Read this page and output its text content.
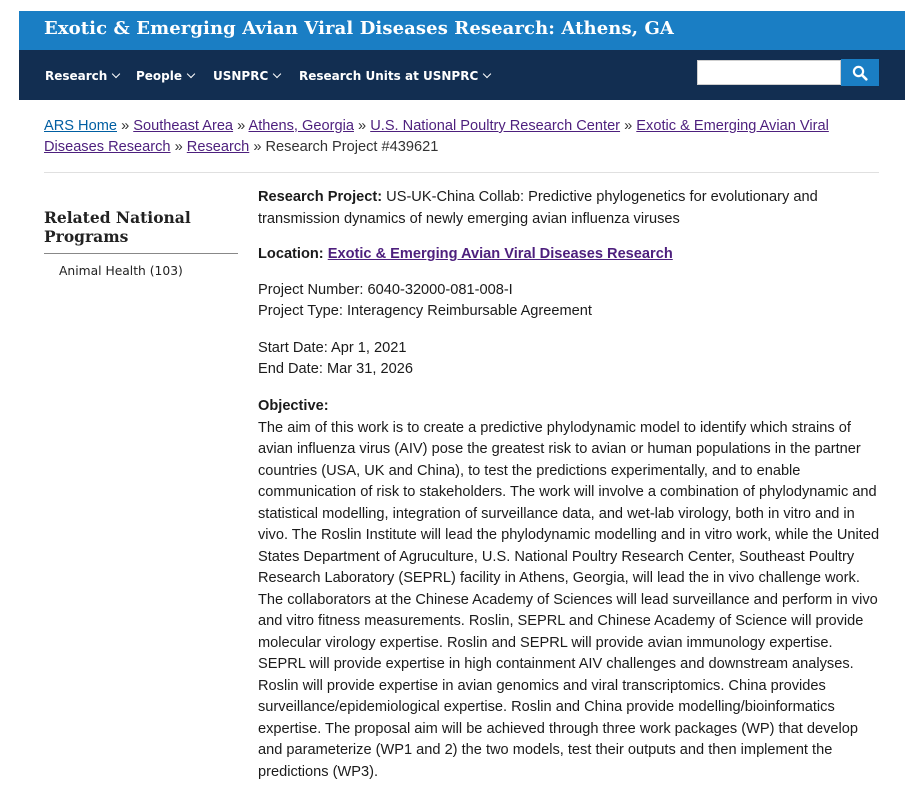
Exotic & Emerging Avian Viral Diseases Research: Athens, GA
Research	People	USNPRC	Research Units at USNPRC
ARS Home » Southeast Area » Athens, Georgia » U.S. National Poultry Research Center » Exotic & Emerging Avian Viral Diseases Research » Research » Research Project #439621
Related National Programs
Animal Health (103)
Research Project: US-UK-China Collab: Predictive phylogenetics for evolutionary and transmission dynamics of newly emerging avian influenza viruses
Location: Exotic & Emerging Avian Viral Diseases Research
Project Number: 6040-32000-081-008-I
Project Type: Interagency Reimbursable Agreement
Start Date: Apr 1, 2021
End Date: Mar 31, 2026
Objective:
The aim of this work is to create a predictive phylodynamic model to identify which strains of avian influenza virus (AIV) pose the greatest risk to avian or human populations in the partner countries (USA, UK and China), to test the predictions experimentally, and to enable communication of risk to stakeholders. The work will involve a combination of phylodynamic and statistical modelling, integration of surveillance data, and wet-lab virology, both in vitro and in vivo. The Roslin Institute will lead the phylodynamic modelling and in vitro work, while the United States Department of Agruculture, U.S. National Poultry Research Center, Southeast Poultry Research Laboratory (SEPRL) facility in Athens, Georgia, will lead the in vivo challenge work. The collaborators at the Chinese Academy of Sciences will lead surveillance and perform in vivo and vitro fitness measurements. Roslin, SEPRL and Chinese Academy of Science will provide molecular virology expertise. Roslin and SEPRL will provide avian immunology expertise. SEPRL will provide expertise in high containment AIV challenges and downstream analyses. Roslin will provide expertise in avian genomics and viral transcriptomics. China provides surveillance/epidemiological expertise. Roslin and China provide modelling/bioinformatics expertise. The proposal aim will be achieved through three work packages (WP) that develop and parameterize (WP1 and 2) the two models, test their outputs and then implement the predictions (WP3).
